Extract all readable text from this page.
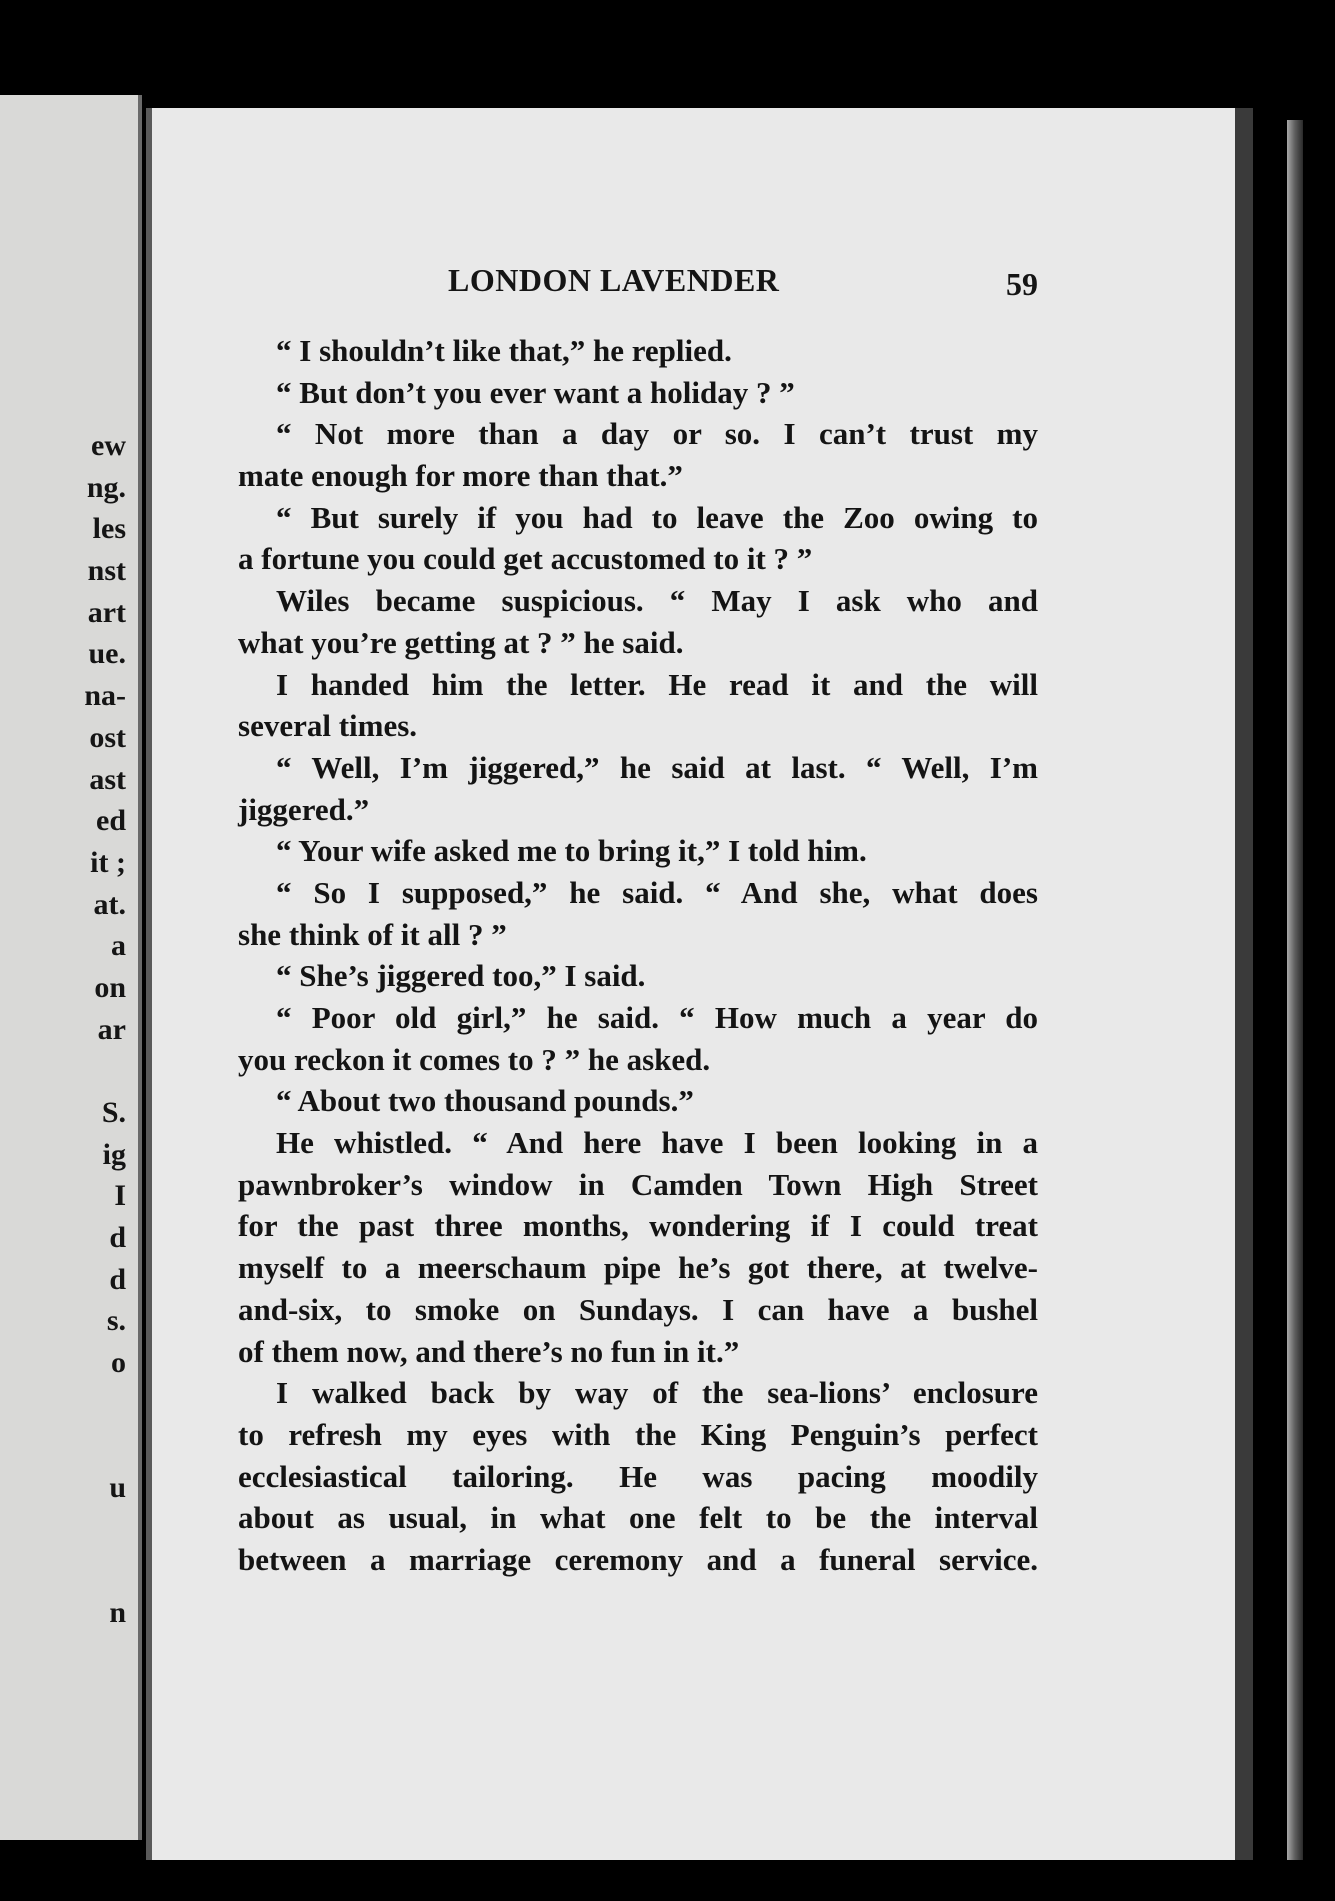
ew
ng.
les
nst
art
ue.
na-
ost
ast
ed
it ;
at.
a
on
ar
S.
ig
I
d
d
s.
o
u
n
LONDON LAVENDER	59
“ I shouldn’t like that,” he replied.
“ But don’t you ever want a holiday ? ”
“ Not more than a day or so. I can’t trust my
mate enough for more than that.”
“ But surely if you had to leave the Zoo owing to
a fortune you could get accustomed to it ? ”
Wiles became suspicious. “ May I ask who and
what you’re getting at ? ” he said.
I handed him the letter. He read it and the will
several times.
“ Well, I’m jiggered,” he said at last. “ Well, I’m
jiggered.”
“ Your wife asked me to bring it,” I told him.
“ So I supposed,” he said. “ And she, what does
she think of it all ? ”
“ She’s jiggered too,” I said.
“ Poor old girl,” he said. “ How much a year do
you reckon it comes to ? ” he asked.
“ About two thousand pounds.”
He whistled. “ And here have I been looking in a
pawnbroker’s window in Camden Town High Street
for the past three months, wondering if I could treat
myself to a meerschaum pipe he’s got there, at twelve-
and-six, to smoke on Sundays. I can have a bushel
of them now, and there’s no fun in it.”
I walked back by way of the sea-lions’ enclosure
to refresh my eyes with the King Penguin’s perfect
ecclesiastical tailoring. He was pacing moodily
about as usual, in what one felt to be the interval
between a marriage ceremony and a funeral service.
